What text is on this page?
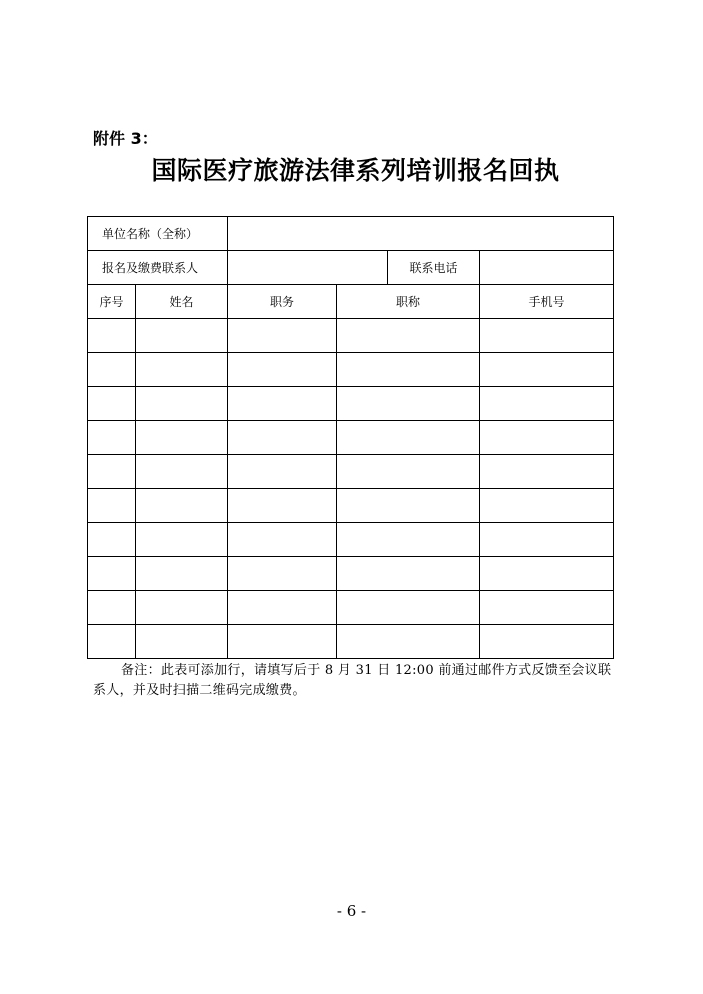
附件 3：
国际医疗旅游法律系列培训报名回执
单位名称（全称）					
报名及缴费联系人				联系电话	
序号	姓名	职务	职称		手机号

备注：此表可添加行，请填写后于 8 月 31 日 12:00 前通过邮件方式反馈至会议联系人，并及时扫描二维码完成缴费。
- 6 -
